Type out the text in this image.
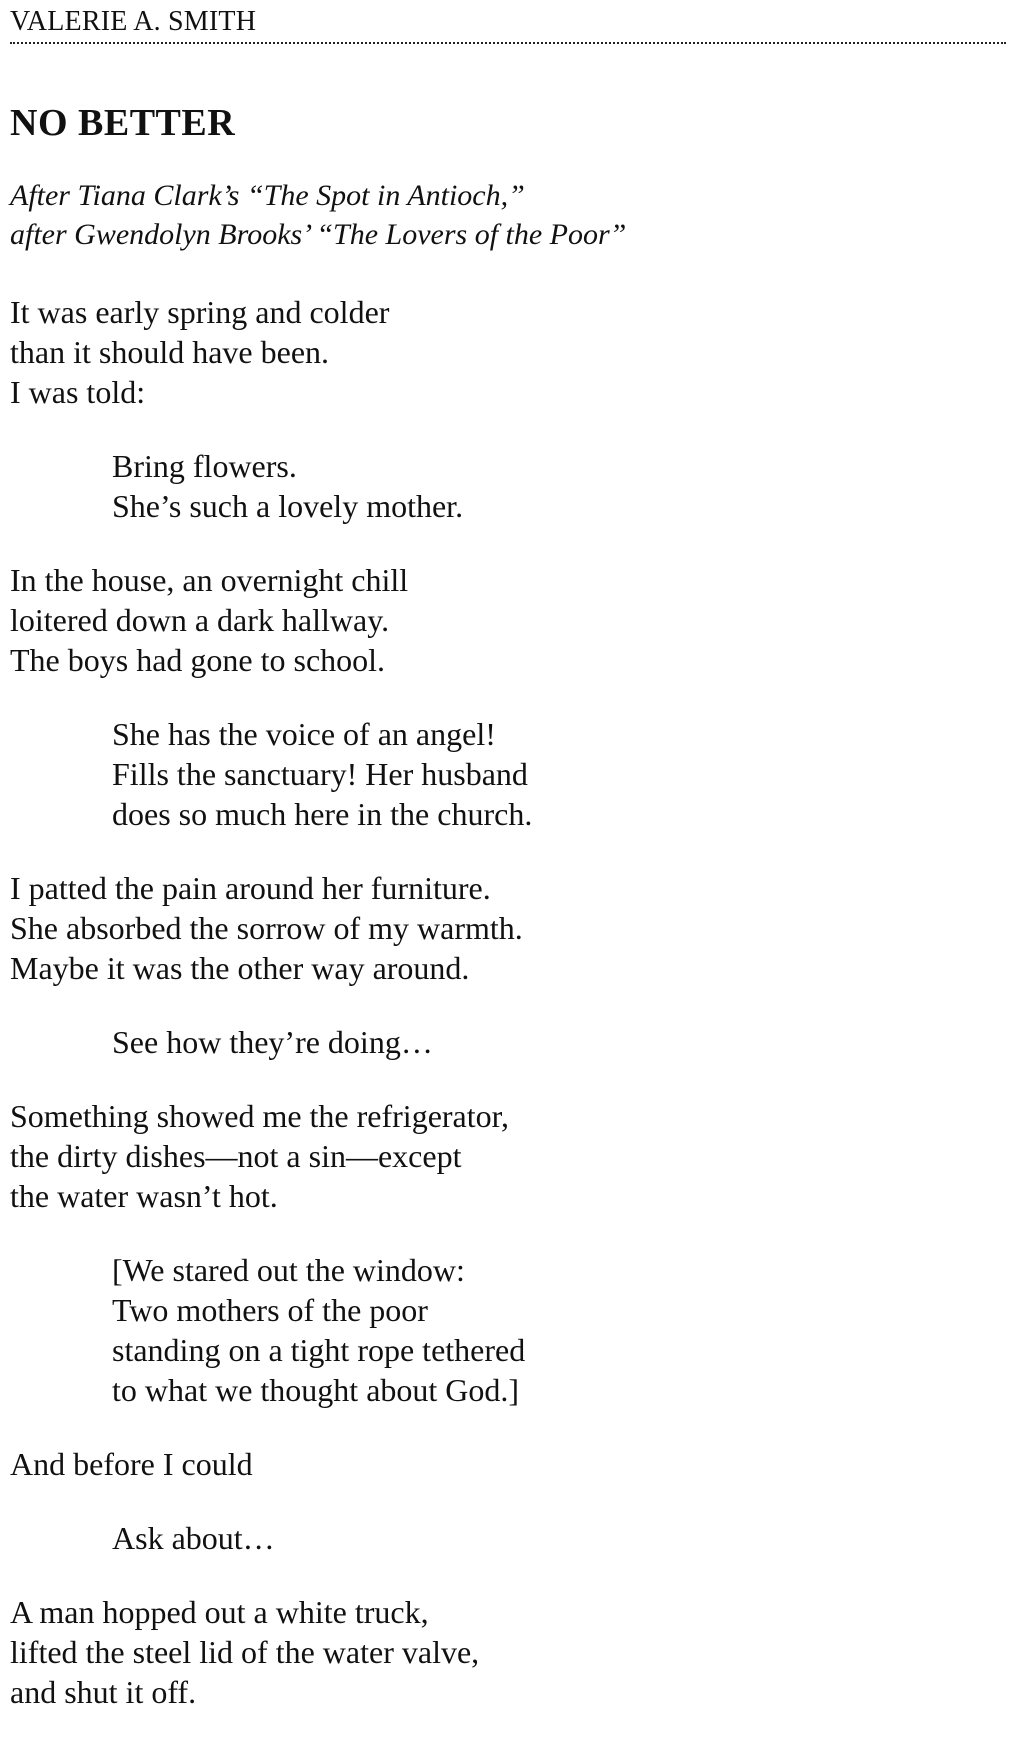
VALERIE A. SMITH
NO BETTER
After Tiana Clark’s “The Spot in Antioch,”
after Gwendolyn Brooks’ “The Lovers of the Poor”
It was early spring and colder
than it should have been.
I was told:
Bring flowers.
She’s such a lovely mother.
In the house, an overnight chill
loitered down a dark hallway.
The boys had gone to school.
She has the voice of an angel!
Fills the sanctuary! Her husband
does so much here in the church.
I patted the pain around her furniture.
She absorbed the sorrow of my warmth.
Maybe it was the other way around.
See how they’re doing…
Something showed me the refrigerator,
the dirty dishes—not a sin—except
the water wasn’t hot.
[We stared out the window:
Two mothers of the poor
standing on a tight rope tethered
to what we thought about God.]
And before I could
Ask about…
A man hopped out a white truck,
lifted the steel lid of the water valve,
and shut it off.
